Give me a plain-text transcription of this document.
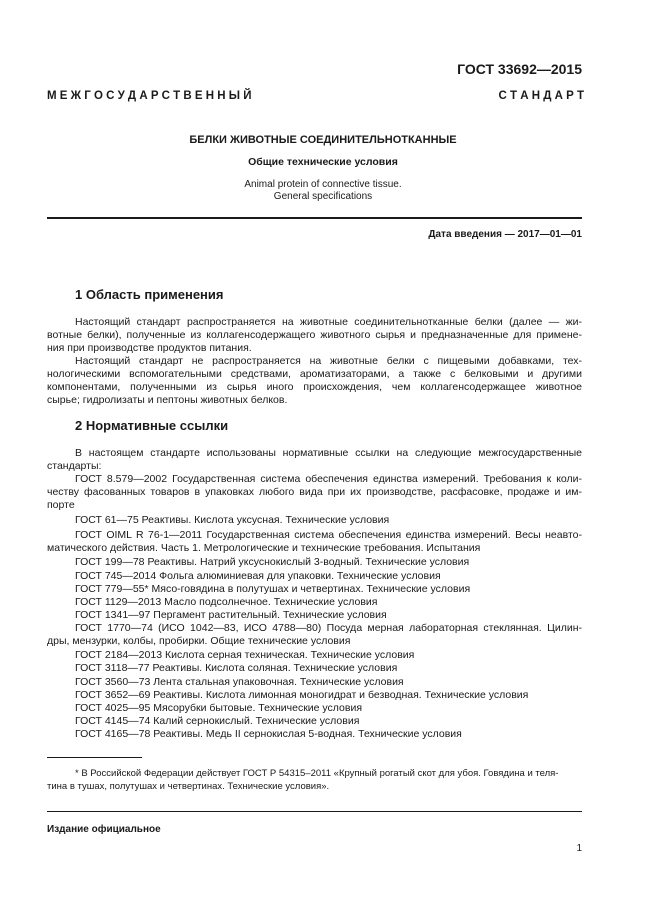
ГОСТ 33692—2015
М Е Ж Г О С У Д А Р С Т В Е Н Н Ы Й	С Т А Н Д А Р Т
БЕЛКИ ЖИВОТНЫЕ СОЕДИНИТЕЛЬНОТКАННЫЕ
Общие технические условия
Animal protein of connective tissue.
General specifications
Дата введения — 2017—01—01
1 Область применения
Настоящий стандарт распространяется на животные соединительнотканные белки (далее — жи-
вотные белки), полученные из коллагенсодержащего животного сырья и предназначенные для примене-
ния при производстве продуктов питания.
Настоящий стандарт не распространяется на животные белки с пищевыми добавками, тех-
нологическими вспомогательными средствами, ароматизаторами, а также с белковыми и другими
компонентами, полученными из сырья иного происхождения, чем коллагенсодержащее животное
сырье; гидролизаты и пептоны животных белков.
2 Нормативные ссылки
В настоящем стандарте использованы нормативные ссылки на следующие межгосударственные
стандарты:
ГОСТ 8.579—2002 Государственная система обеспечения единства измерений. Требования к коли-
честву фасованных товаров в упаковках любого вида при их производстве, расфасовке, продаже и им-
порте
ГОСТ 61—75 Реактивы. Кислота уксусная. Технические условия
ГОСТ OIML R 76-1—2011 Государственная система обеспечения единства измерений. Весы неавто-
матического действия. Часть 1. Метрологические и технические требования. Испытания
ГОСТ 199—78 Реактивы. Натрий уксуснокислый 3-водный. Технические условия
ГОСТ 745—2014 Фольга алюминиевая для упаковки. Технические условия
ГОСТ 779—55* Мясо-говядина в полутушах и четвертинах. Технические условия
ГОСТ 1129—2013 Масло подсолнечное. Технические условия
ГОСТ 1341—97 Пергамент растительный. Технические условия
ГОСТ 1770—74 (ИСО 1042—83, ИСО 4788—80) Посуда мерная лабораторная стеклянная. Цилин-
дры, мензурки, колбы, пробирки. Общие технические условия
ГОСТ 2184—2013 Кислота серная техническая. Технические условия
ГОСТ 3118—77 Реактивы. Кислота соляная. Технические условия
ГОСТ 3560—73 Лента стальная упаковочная. Технические условия
ГОСТ 3652—69 Реактивы. Кислота лимонная моногидрат и безводная. Технические условия
ГОСТ 4025—95 Мясорубки бытовые. Технические условия
ГОСТ 4145—74 Калий сернокислый. Технические условия
ГОСТ 4165—78 Реактивы. Медь II сернокислая 5-водная. Технические условия
* В Российской Федерации действует ГОСТ Р 54315–2011 «Крупный рогатый скот для убоя. Говядина и теля-
тина в тушах, полутушах и четвертинах. Технические условия».
Издание официальное
1
